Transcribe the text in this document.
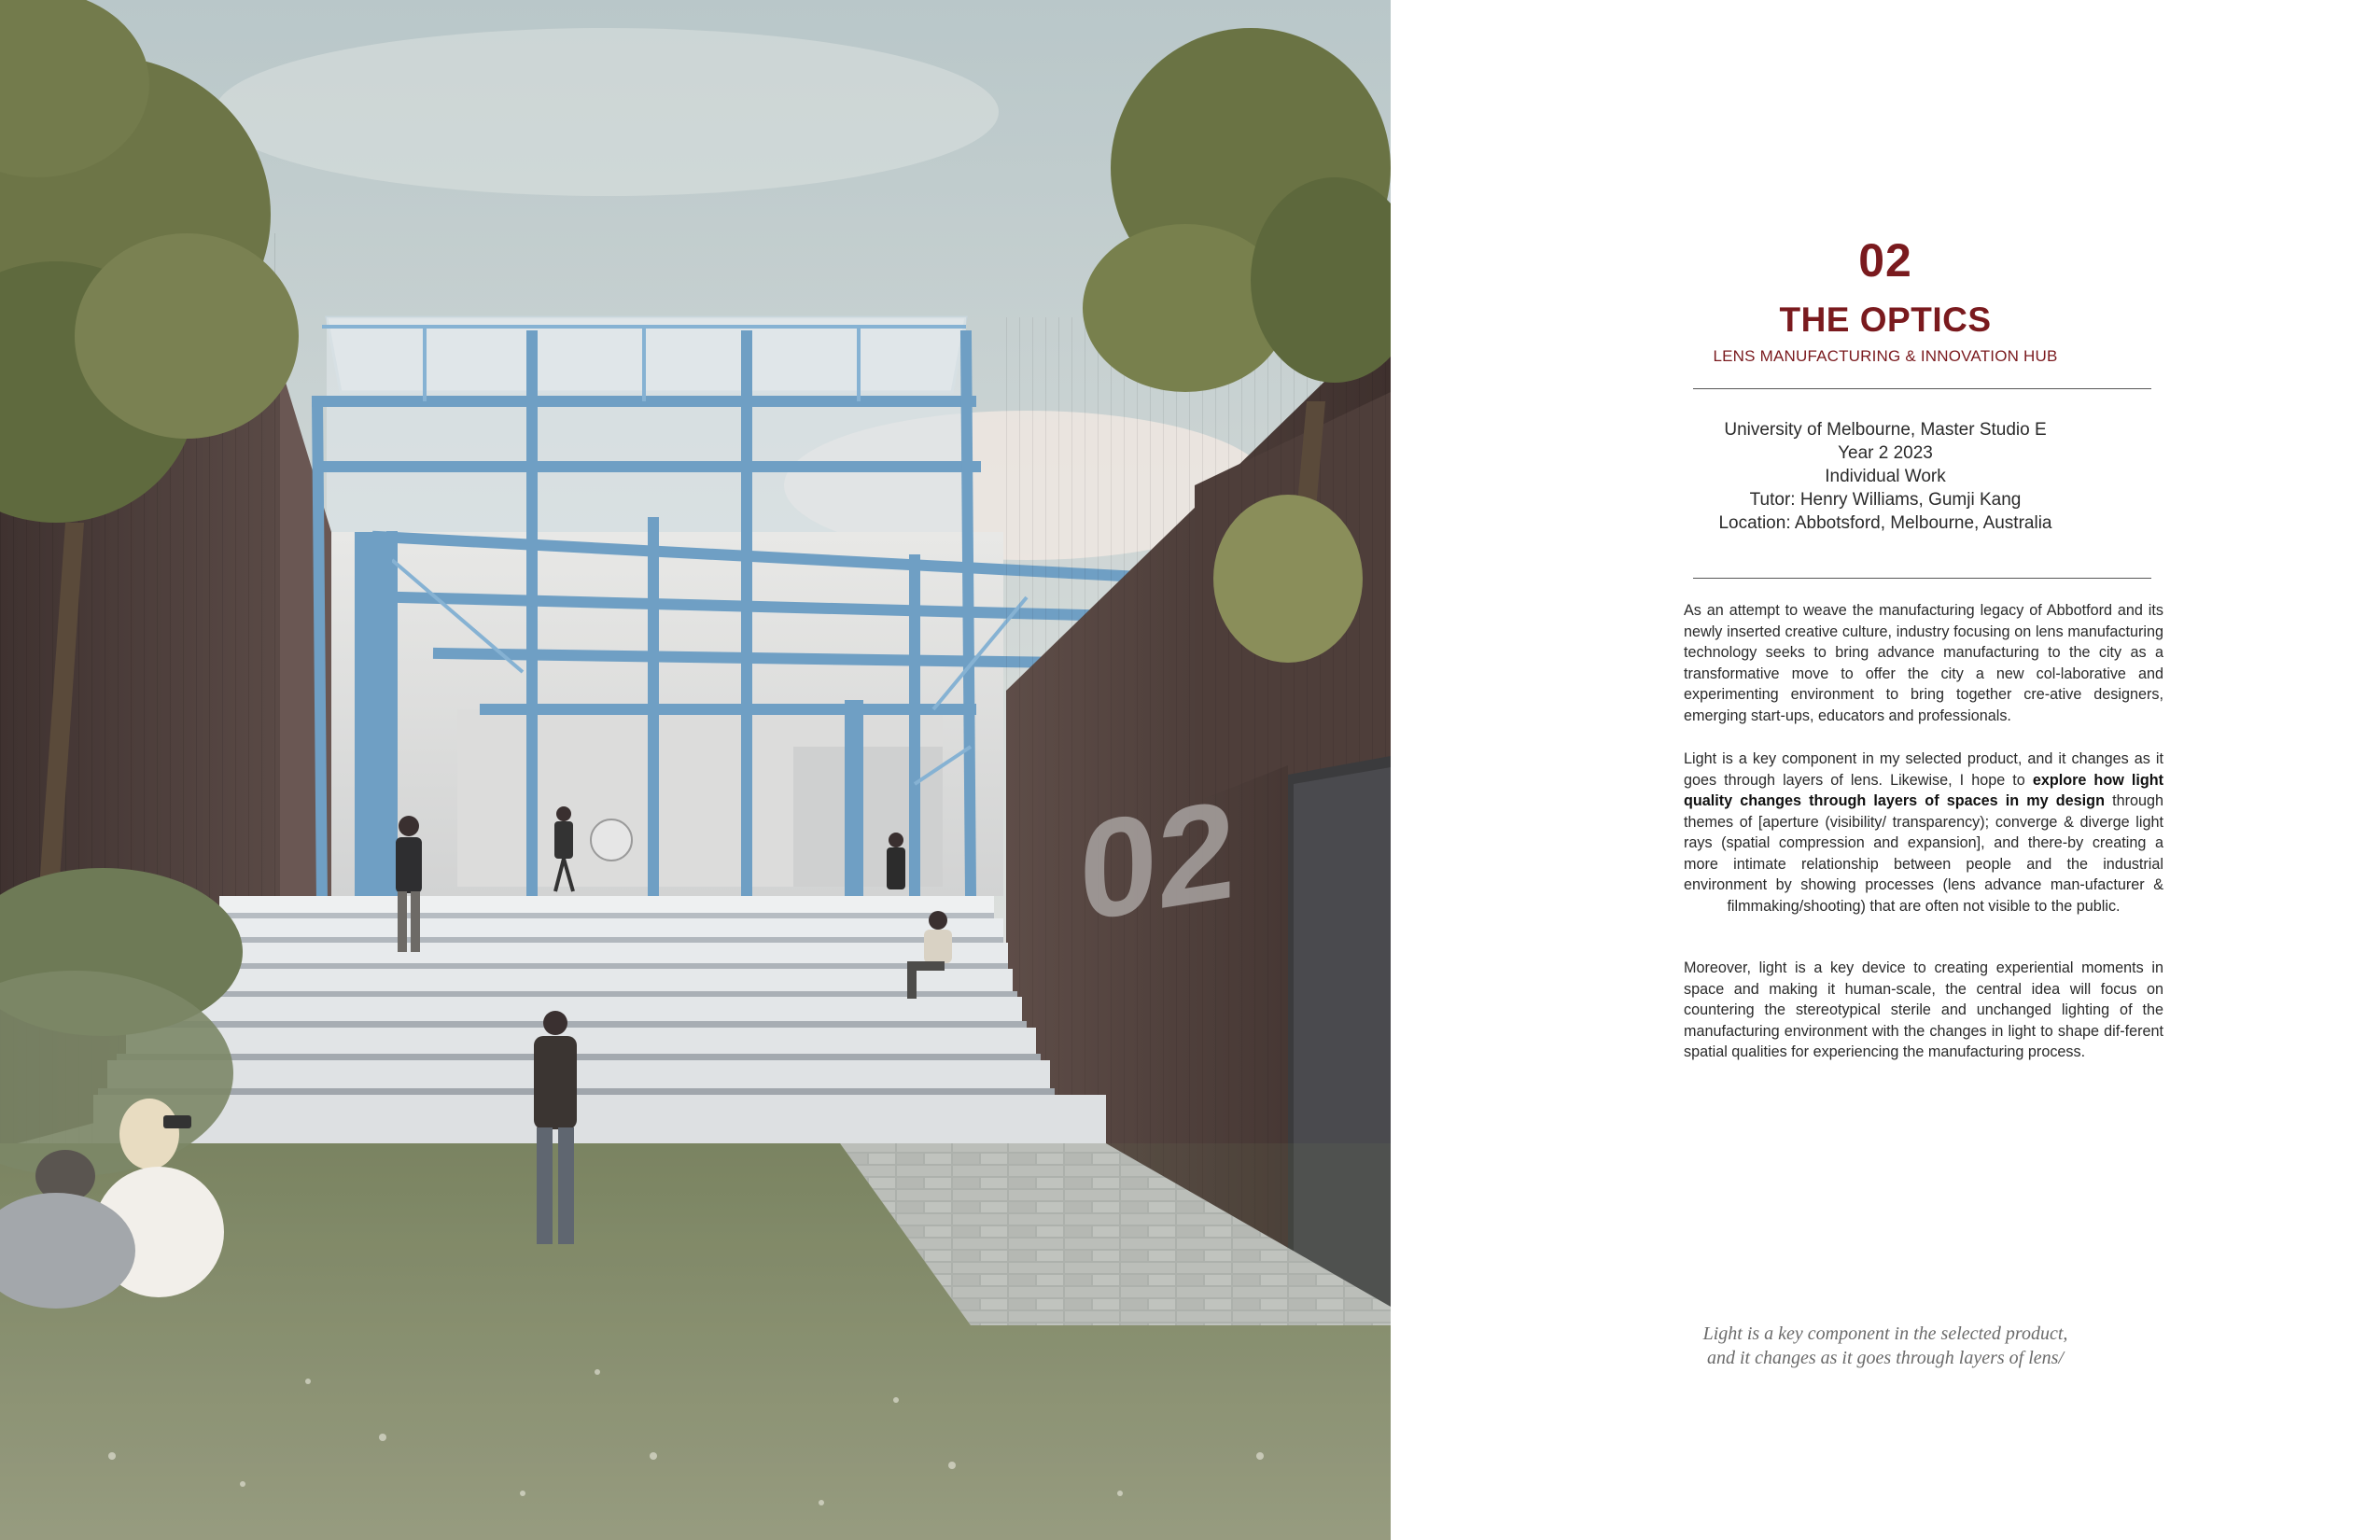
02
02
THE OPTICS
LENS MANUFACTURING & INNOVATION HUB
University of Melbourne, Master Studio E
Year 2 2023
Individual Work
Tutor: Henry Williams, Gumji Kang
Location: Abbotsford, Melbourne, Australia

As an attempt to weave the manufacturing legacy of Abbotford and its newly inserted creative culture, industry focusing on lens manufacturing technology seeks to bring advance manufacturing to the city as a transformative move to offer the city a new col-laborative and experimenting environment to bring together cre-ative designers, emerging start-ups, educators and professionals.

Light is a key component in my selected product, and it changes as it goes through layers of lens. Likewise, I hope to explore how light quality changes through layers of spaces in my design through themes of [aperture (visibility/ transparency); converge & diverge light rays (spatial compression and expansion], and there-by creating a more intimate relationship between people and the industrial environment by showing processes (lens advance man-ufacturer & filmmaking/shooting) that are often not visible to the public.

Moreover, light is a key device to creating experiential moments in space and making it human-scale, the central idea will focus on countering the stereotypical sterile and unchanged lighting of the manufacturing environment with the changes in light to shape dif-ferent spatial qualities for experiencing the manufacturing process.

Light is a key component in the selected product,
and it changes as it goes through layers of lens/
